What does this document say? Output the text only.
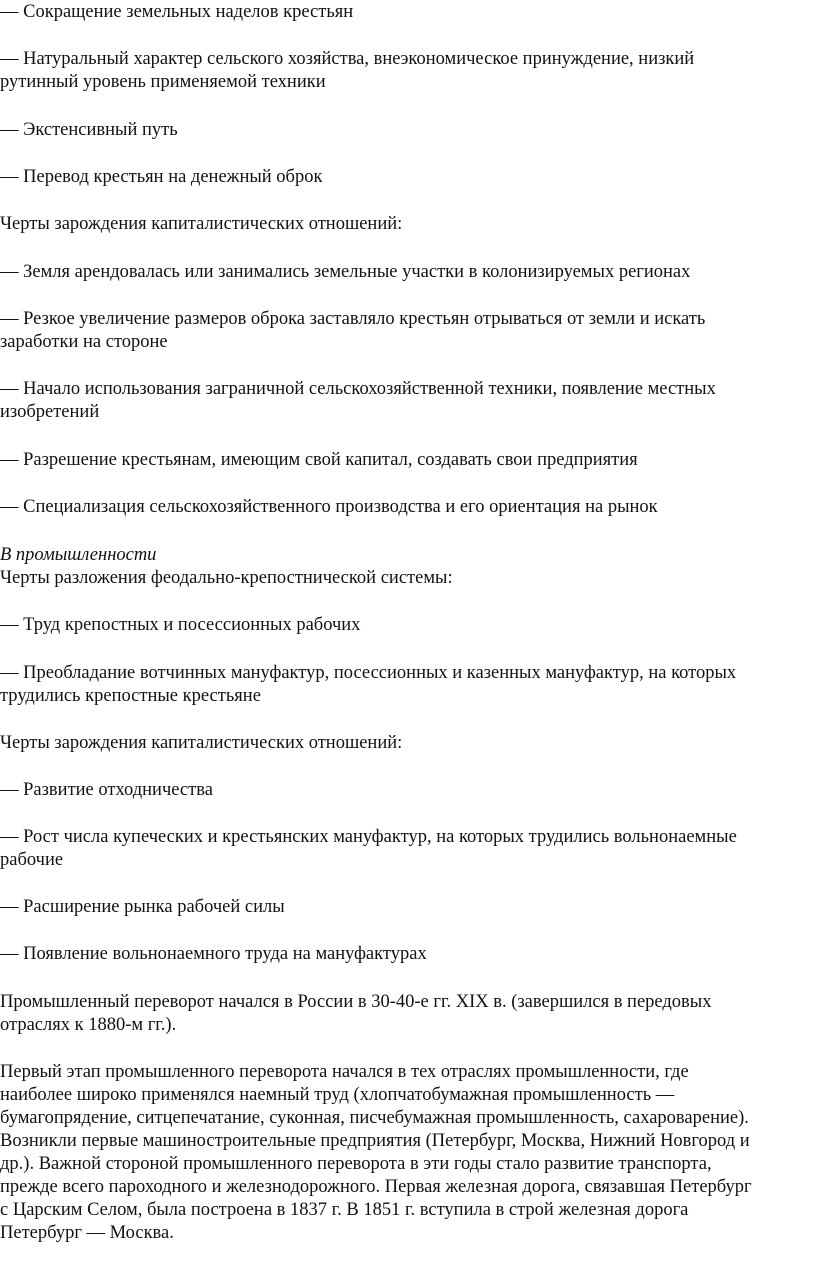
— Сокращение земельных наделов крестьян
— Натуральный характер сельского хозяйства, внеэкономическое принуждение, низкий
рутинный уровень применяемой техники
— Экстенсивный путь
— Перевод крестьян на денежный оброк
Черты зарождения капиталистических отношений:
— Земля арендовалась или занимались земельные участки в колонизируемых регионах
— Резкое увеличение размеров оброка заставляло крестьян отрываться от земли и искать
заработки на стороне
— Начало использования заграничной сельскохозяйственной техники, появление местных
изобретений
— Разрешение крестьянам, имеющим свой капитал, создавать свои предприятия
— Специализация сельскохозяйственного производства и его ориентация на рынок
В промышленности
Черты разложения феодально-крепостнической системы:
— Труд крепостных и посессионных рабочих
— Преобладание вотчинных мануфактур, посессионных и казенных мануфактур, на которых
трудились крепостные крестьяне
Черты зарождения капиталистических отношений:
— Развитие отходничества
— Рост числа купеческих и крестьянских мануфактур, на которых трудились вольнонаемные
рабочие
— Расширение рынка рабочей силы
— Появление вольнонаемного труда на мануфактурах
Промышленный переворот начался в России в 30-40-е гг. XIX в. (завершился в передовых
отраслях к 1880-м гг.).
Первый этап промышленного переворота начался в тех отраслях промышленности, где
наиболее широко применялся наемный труд (хлопчатобумажная промышленность —
бумагопрядение, ситцепечатание, суконная, писчебумажная промышленность, сахароварение).
Возникли первые машиностроительные предприятия (Петербург, Москва, Нижний Новгород и
др.). Важной стороной промышленного переворота в эти годы стало развитие транспорта,
прежде всего пароходного и железнодорожного. Первая железная дорога, связавшая Петербург
с Царским Селом, была построена в 1837 г. В 1851 г. вступила в строй железная дорога
Петербург — Москва.
